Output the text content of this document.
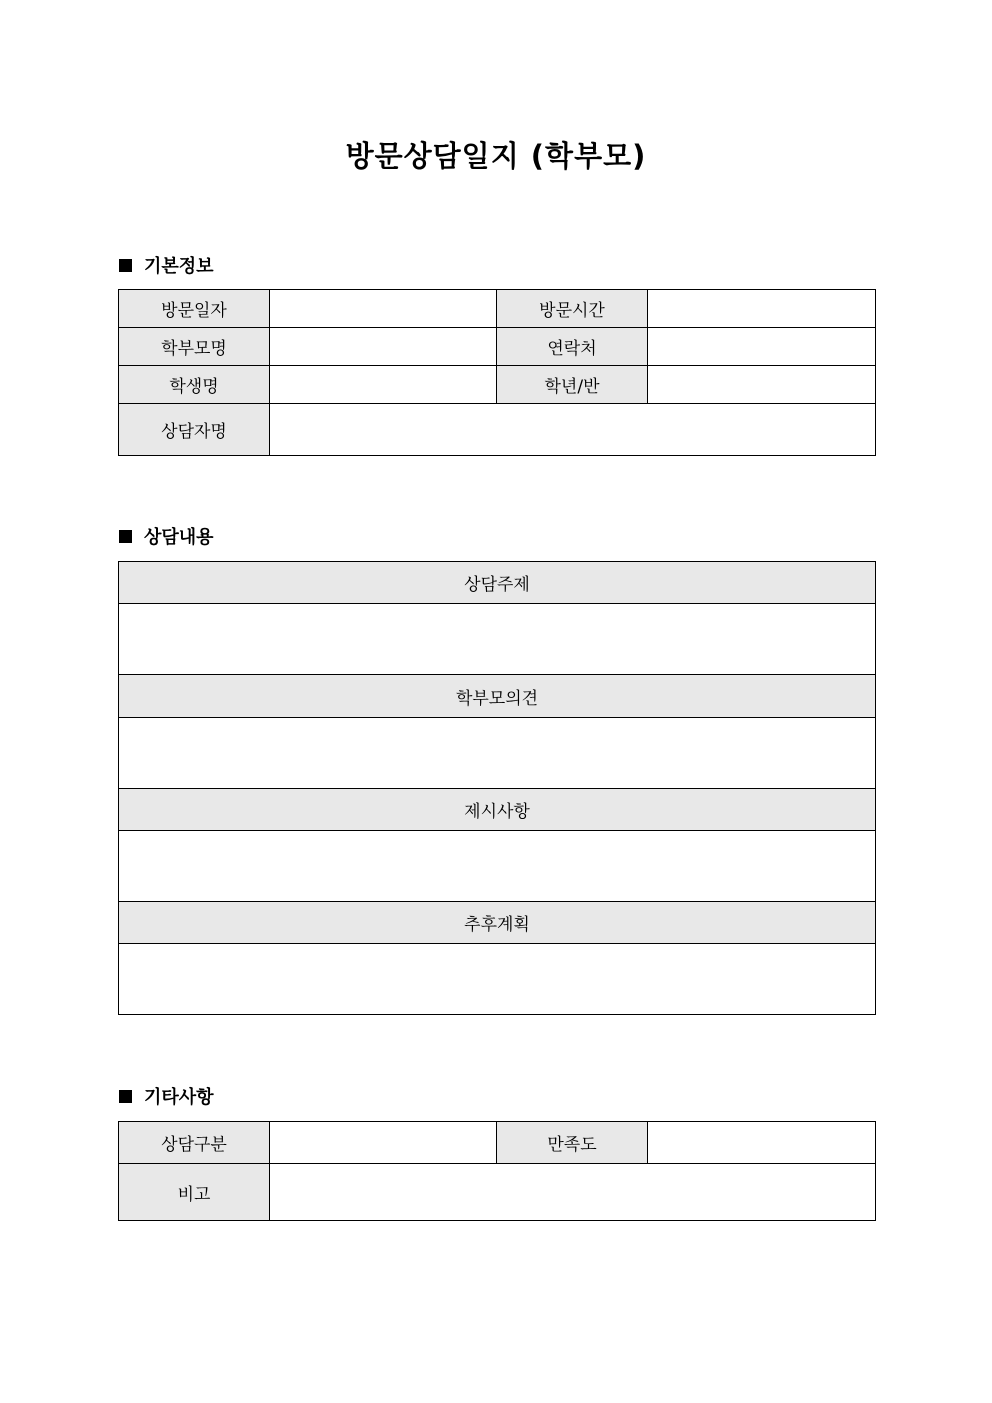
방문상담일지 (학부모)
기본정보
방문일자		방문시간	
학부모명		연락처	
학생명		학년/반	
상담자명			
상담내용
상담주제

학부모의견

제시사항

추후계획

기타사항
상담구분		만족도	
비고			
